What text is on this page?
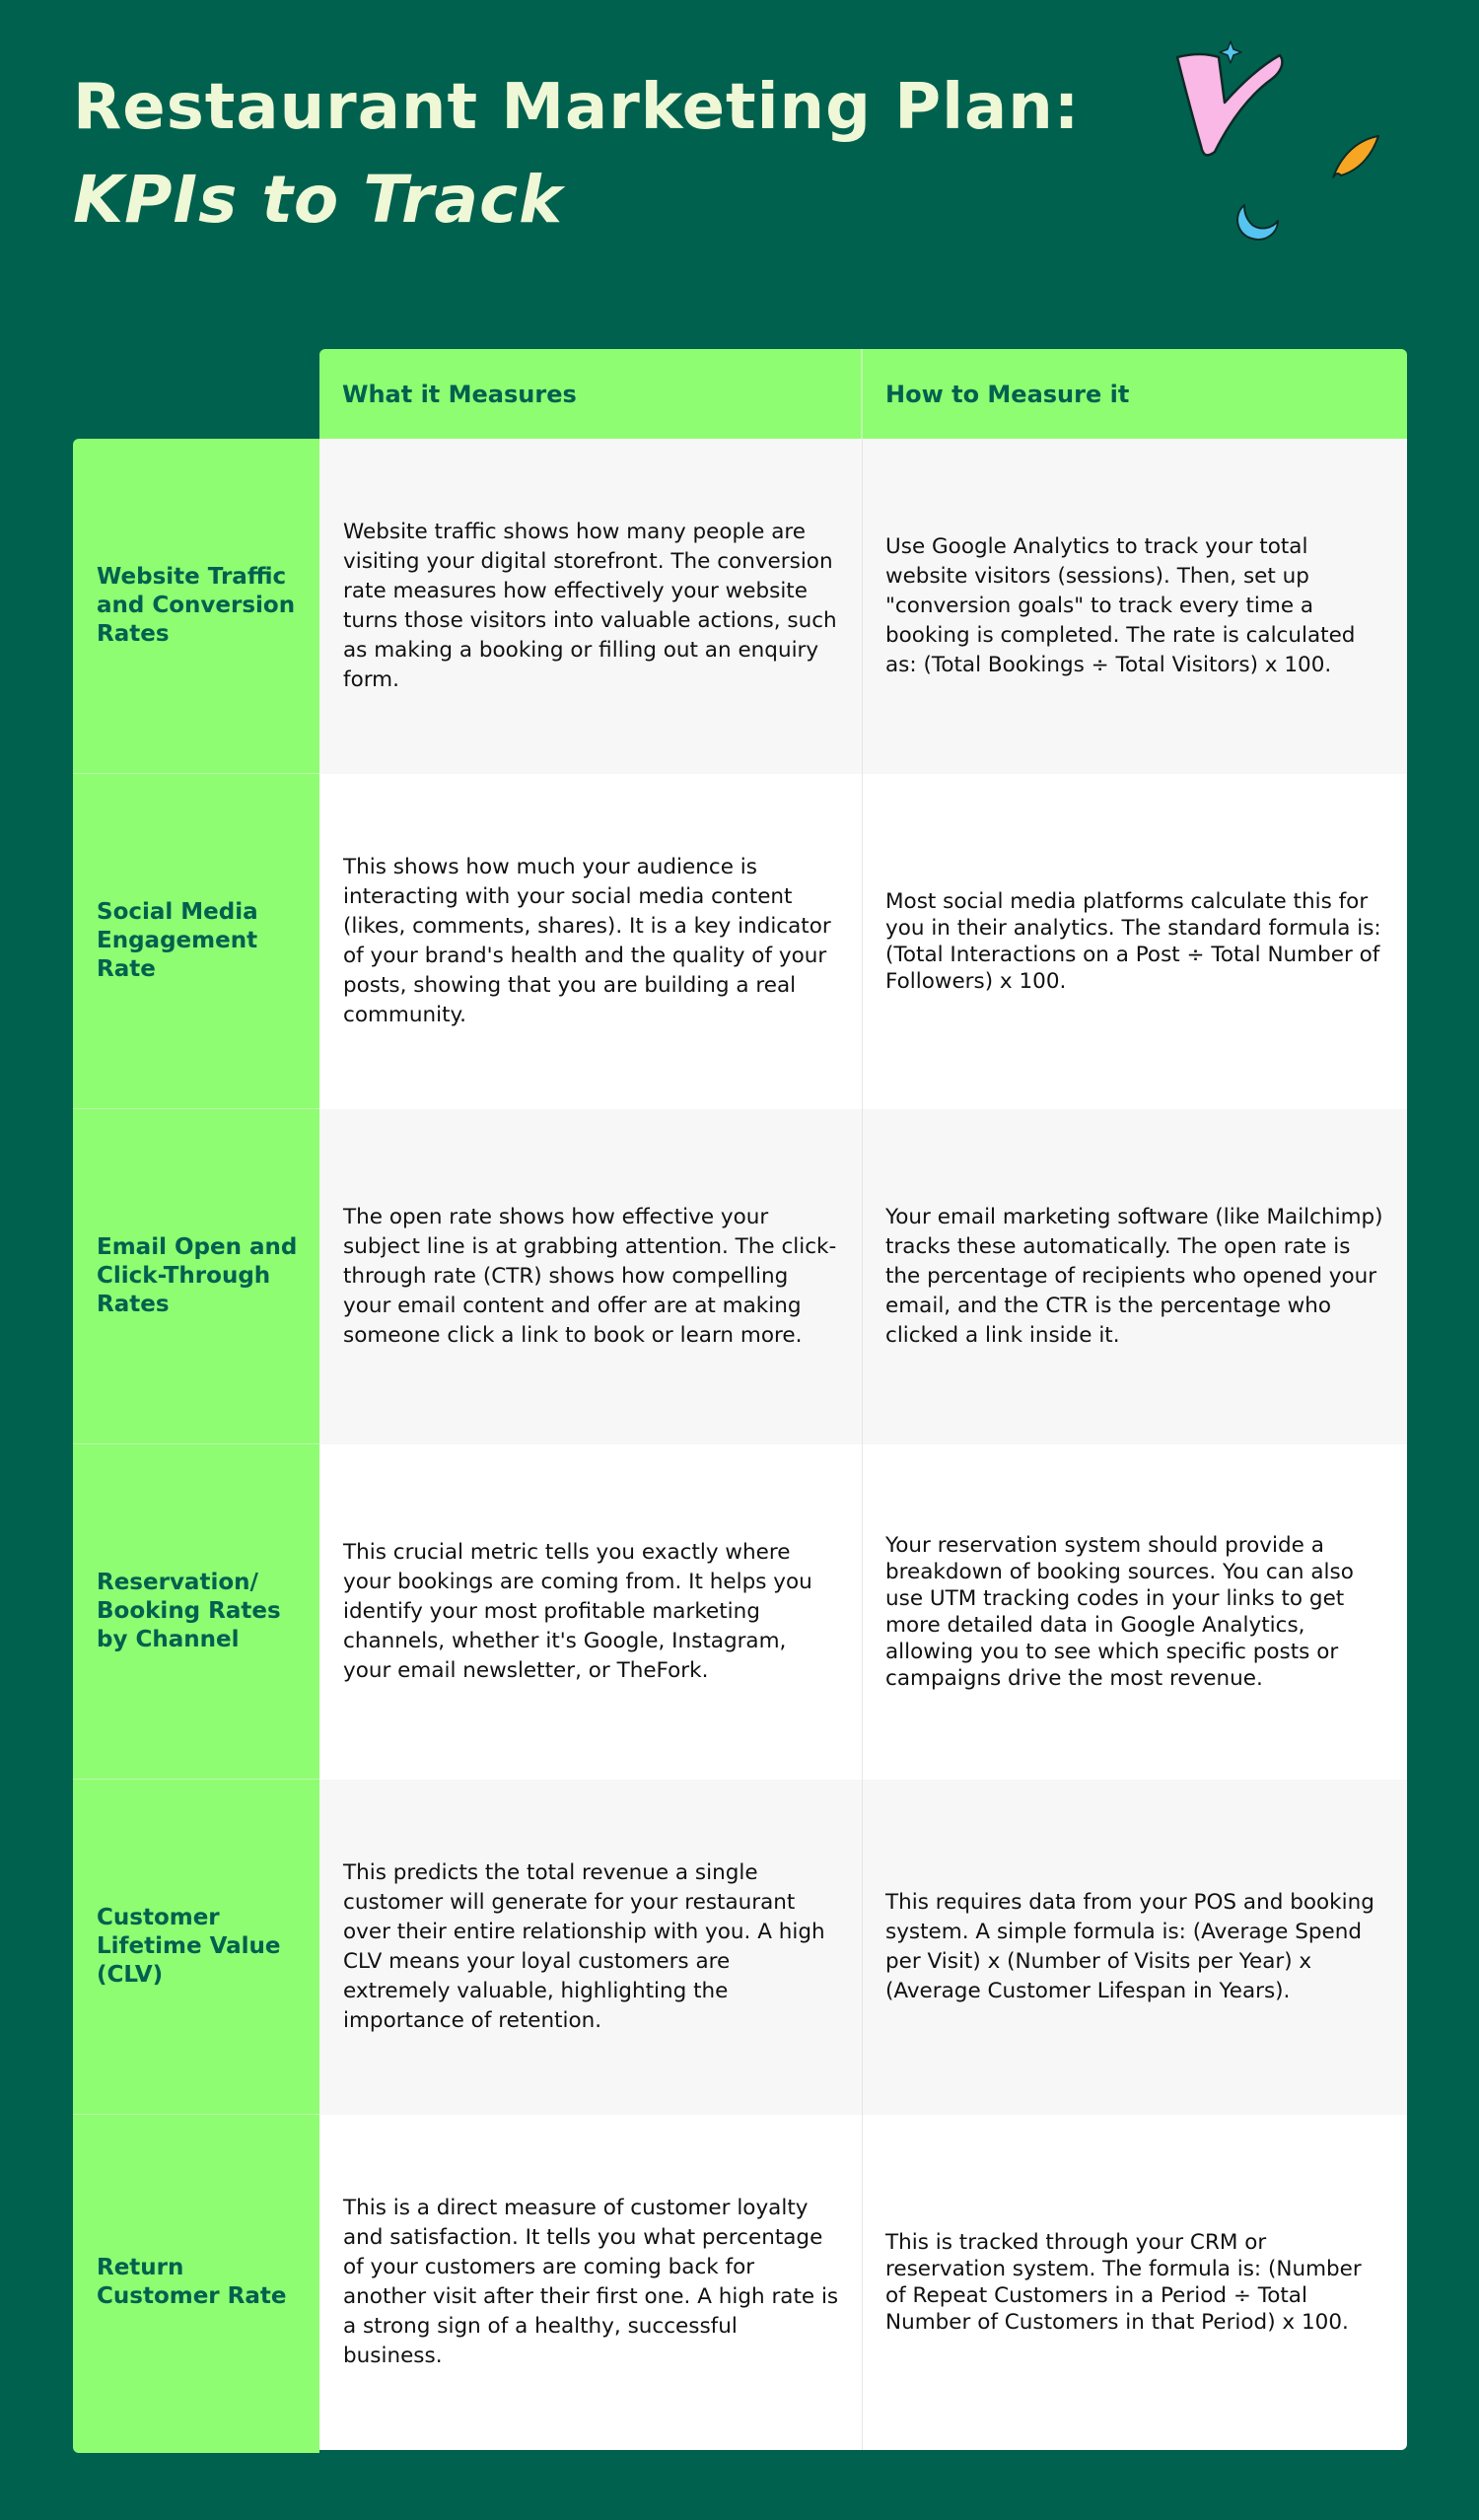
Restaurant Marketing Plan:
KPIs to Track
What it Measures	How to Measure it
Website Traffic and Conversion Rates
Website traffic shows how many people are visiting your digital storefront. The conversion rate measures how effectively your website turns those visitors into valuable actions, such as making a booking or filling out an enquiry form.
Use Google Analytics to track your total website visitors (sessions). Then, set up "conversion goals" to track every time a booking is completed. The rate is calculated as: (Total Bookings ÷ Total Visitors) x 100.
Social Media Engagement Rate
This shows how much your audience is interacting with your social media content (likes, comments, shares). It is a key indicator of your brand's health and the quality of your posts, showing that you are building a real community.
Most social media platforms calculate this for you in their analytics. The standard formula is: (Total Interactions on a Post ÷ Total Number of Followers) x 100.
Email Open and Click-Through Rates
The open rate shows how effective your subject line is at grabbing attention. The click-through rate (CTR) shows how compelling your email content and offer are at making someone click a link to book or learn more.
Your email marketing software (like Mailchimp) tracks these automatically. The open rate is the percentage of recipients who opened your email, and the CTR is the percentage who clicked a link inside it.
Reservation/ Booking Rates by Channel
This crucial metric tells you exactly where your bookings are coming from. It helps you identify your most profitable marketing channels, whether it's Google, Instagram, your email newsletter, or TheFork.
Your reservation system should provide a breakdown of booking sources. You can also use UTM tracking codes in your links to get more detailed data in Google Analytics, allowing you to see which specific posts or campaigns drive the most revenue.
Customer Lifetime Value (CLV)
This predicts the total revenue a single customer will generate for your restaurant over their entire relationship with you. A high CLV means your loyal customers are extremely valuable, highlighting the importance of retention.
This requires data from your POS and booking system. A simple formula is: (Average Spend per Visit) x (Number of Visits per Year) x (Average Customer Lifespan in Years).
Return Customer Rate
This is a direct measure of customer loyalty and satisfaction. It tells you what percentage of your customers are coming back for another visit after their first one. A high rate is a strong sign of a healthy, successful business.
This is tracked through your CRM or reservation system. The formula is: (Number of Repeat Customers in a Period ÷ Total Number of Customers in that Period) x 100.
